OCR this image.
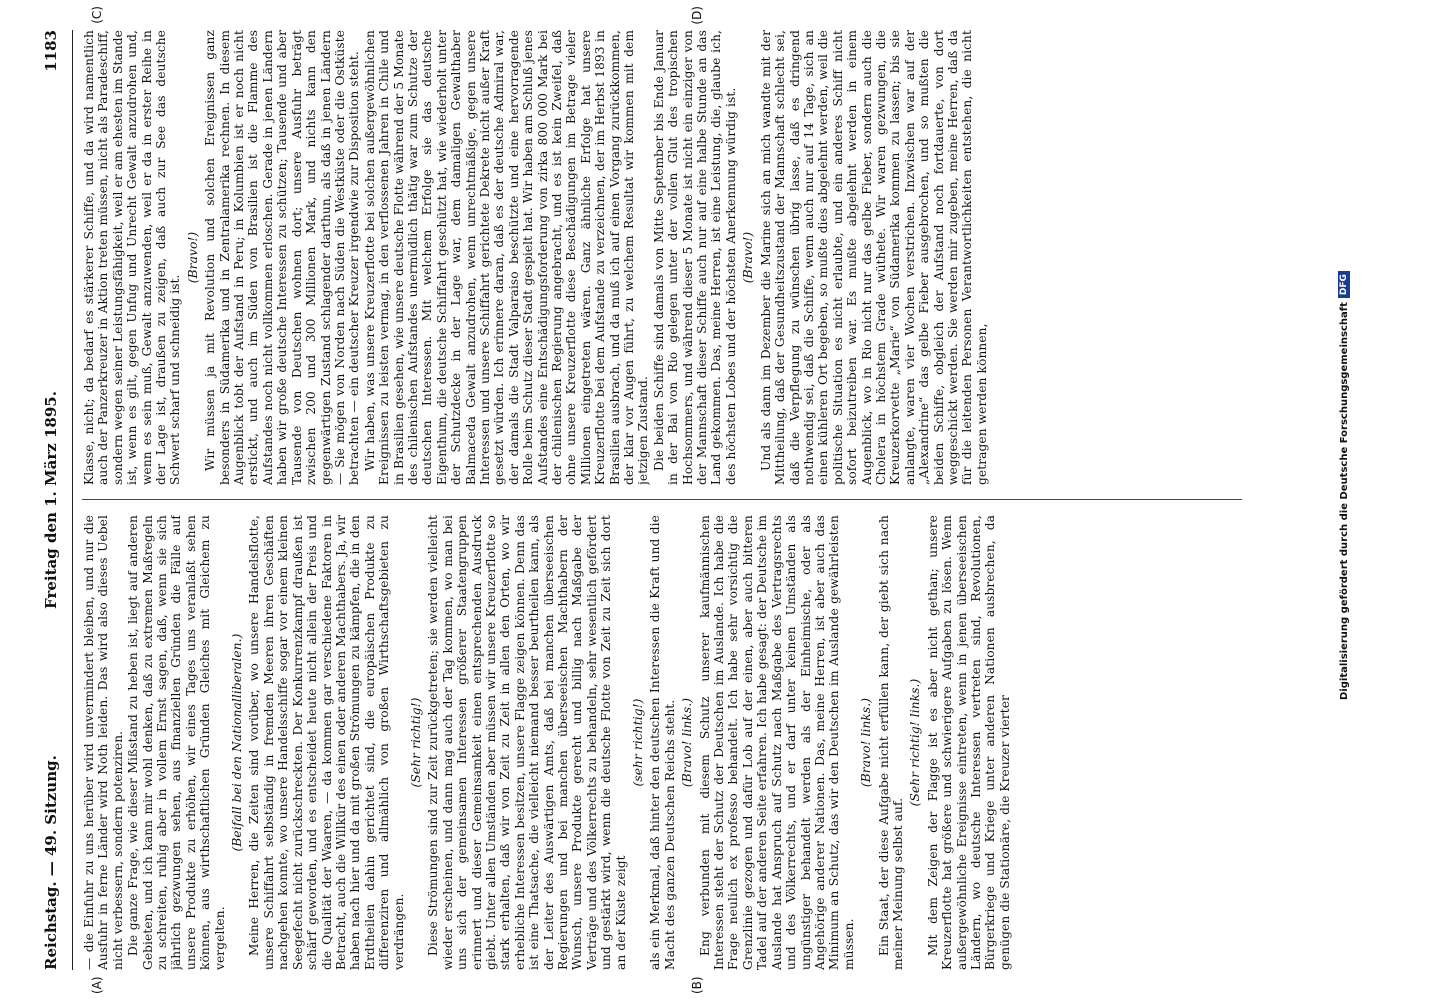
Reichstag. — 49. Sitzung.
1183
Freitag den 1. März 1895.
(A)	(B)
(C)	(D)

— die Einfuhr zu uns herüber wird unvermindert bleiben, und nur die Ausfuhr in ferne Länder wird Noth leiden. Das wird also dieses Uebel nicht verbessern, sondern potenziren. Die ganze Frage, wie dieser Mißstand zu heben ist, liegt auf anderen Gebieten, und ich kann mir wohl denken, daß zu extremen Maßregeln zu schreiten, ruhig aber in vollem Ernst sagen, daß, wenn sie sich jährlich gezwungen sehen, aus finanziellen Gründen die Fälle auf unsere Produkte zu erhöhen, wir eines Tages uns veranlaßt sehen können, aus wirthschaftlichen Gründen Gleiches mit Gleichem zu vergelten.

(Beifall bei den Nationalliberalen.) Meine Herren, die Zeiten sind vorüber, wo unsere Handelsflotte, unsere Schiffahrt selbständig in fremden Meeren ihren Geschäften nachgehen konnte, wo unsere Handelsschiffe sogar vor einem kleinen Seegefecht nicht zurückschreckten. Der Konkurrenzkampf draußen ist schärf geworden, und es entscheidet heute nicht allein der Preis und die Qualität der Waaren, — da kommen gar verschiedene Faktoren in Betracht, auch die Willkür des einen oder anderen Machthabers. Ja, wir haben nach hier und da mit großen Strömungen zu kämpfen, die in den Erdtheilen dahin gerichtet sind, die europäischen Produkte zu differenziren und allmählich von großen Wirthschaftsgebieten zu verdrängen.

(Sehr richtig!) Diese Strömungen sind zur Zeit zurückgetreten; sie werden vielleicht wieder erscheinen, und dann mag auch der Tag kommen, wo man bei uns sich der gemeinsamen Interessen größerer Staatengruppen erinnert und dieser Gemeinsamkeit einen entsprechenden Ausdruck giebt. Unter allen Umständen aber müssen wir unsere Kreuzerflotte so stark erhalten, daß wir von Zeit zu Zeit in allen den Orten, wo wir erhebliche Interessen besitzen, unsere Flagge zeigen können. Denn das ist eine Thatsache, die vielleicht niemand besser beurtheilen kann, als der Leiter des Auswärtigen Amts, daß bei manchen überseeischen Regierungen und bei manchen überseeischen Machthabern der Wunsch, unsere Produkte gerecht und billig nach Maßgabe der Verträge und des Völkerrechts zu behandeln, sehr wesentlich gefördert und gestärkt wird, wenn die deutsche Flotte von Zeit zu Zeit sich dort an der Küste zeigt

(sehr richtig!) als ein Merkmal, daß hinter den deutschen Interessen die Kraft und die Macht des ganzen Deutschen Reichs steht. (Bravo! links.) Eng verbunden mit diesem Schutz unserer kaufmännischen Interessen steht der Schutz der Deutschen im Auslande. Ich habe die Frage neulich ex professo behandelt. Ich habe sehr vorsichtig die Grenzlinie gezogen und dafür Lob auf der einen, aber auch bitteren Tadel auf der anderen Seite erfahren. Ich habe gesagt: der Deutsche im Auslande hat Anspruch auf Schutz nach Maßgabe des Vertragsrechts und des Völkerrechts, und er darf unter keinen Umständen als ungünstiger behandelt werden als der Einheimische, oder als Angehörige anderer Nationen. Das, meine Herren, ist aber auch das Minimum an Schutz, das wir den Deutschen im Auslande gewährleisten müssen.

(Bravo! links.) Ein Staat, der diese Aufgabe nicht erfüllen kann, der giebt sich nach meiner Meinung selbst auf.

(Sehr richtig! links.) Mit dem Zeigen der Flagge ist es aber nicht gethan; unsere Kreuzerflotte hat größere und schwierigere Aufgaben zu lösen. Wenn außergewöhnliche Ereignisse eintreten, wenn in jenen überseeischen Ländern, wo deutsche Interessen vertreten sind, Revolutionen, Bürgerkriege und Kriege unter anderen Nationen ausbrechen, da genügen die Stationäre, die Kreuzer vierter

Klasse, nicht; da bedarf es stärkerer Schiffe, und da wird namentlich auch der Panzerkreuzer in Aktion treten müssen, nicht als Paradeschiff, sondern wegen seiner Leistungsfähigkeit, weil er am ehesten im Stande ist, wenn es gilt, gegen Unfug und Unrecht Gewalt anzudrohen und, wenn es sein muß, Gewalt anzuwenden, weil er da in erster Reihe in der Lage ist, draußen zu zeigen, daß auch zur See das deutsche Schwert scharf und schneidig ist.

(Bravo!) Wir müssen ja mit Revolution und solchen Ereignissen ganz besonders in Südamerika und in Zentralamerika rechnen. In diesem Augenblick tobt der Aufstand in Peru; in Kolumbien ist er noch nicht erstickt, und auch im Süden von Brasilien ist die Flamme des Aufstandes noch nicht vollkommen erloschen. Gerade in jenen Ländern haben wir große deutsche Interessen zu schützen; Tausende und aber Tausende von Deutschen wohnen dort; unsere Ausfuhr beträgt zwischen 200 und 300 Millionen Mark, und nichts kann den gegenwärtigen Zustand schlagender darthun, als daß in jenen Ländern — Sie mögen von Norden nach Süden die Westküste oder die Ostküste betrachten — ein deutscher Kreuzer irgendwie zur Disposition steht. Wir haben, was unsere Kreuzerflotte bei solchen außergewöhnlichen Ereignissen zu leisten vermag, in den verflossenen Jahren in Chile und in Brasilien gesehen, wie unsere deutsche Flotte während der 5 Monate des chilenischen Aufstandes unermüdlich thätig war zum Schutze der deutschen Interessen. Mit welchem Erfolge sie das deutsche Eigenthum, die deutsche Schiffahrt geschützt hat, wie wiederholt unter der Schutzdecke in der Lage war, dem damaligen Gewalthaber Balmaceda Gewalt anzudrohen, wenn unrechtmäßige, gegen unsere Interessen und unsere Schiffahrt gerichtete Dekrete nicht außer Kraft gesetzt würden. Ich erinnere daran, daß es der deutsche Admiral war, der damals die Stadt Valparaiso beschützte und eine hervorragende Rolle beim Schutz dieser Stadt gespielt hat. Wir haben am Schluß jenes Aufstandes eine Entschädigungsforderung von zirka 800 000 Mark bei der chilenischen Regierung angebracht, und es ist kein Zweifel, daß ohne unsere Kreuzerflotte diese Beschädigungen im Betrage vieler Millionen eingetreten wären. Ganz ähnliche Erfolge hat unsere Kreuzerflotte bei dem Aufstande zu verzeichnen, der im Herbst 1893 in Brasilien ausbrach, und da muß ich auf einen Vorgang zurückkommen, der klar vor Augen führt, zu welchem Resultat wir kommen mit dem jetzigen Zustand. Die beiden Schiffe sind damals von Mitte September bis Ende Januar in der Bai von Rio gelegen unter der vollen Glut des tropischen Hochsommers, und während dieser 5 Monate ist nicht ein einziger von der Mannschaft dieser Schiffe auch nur auf eine halbe Stunde an das Land gekommen. Das, meine Herren, ist eine Leistung, die, glaube ich, des höchsten Lobes und der höchsten Anerkennung würdig ist. (Bravo!) Und als dann im Dezember die Marine sich an mich wandte mit der Mittheilung, daß der Gesundheitszustand der Mannschaft schlecht sei, daß die Verpflegung zu wünschen übrig lasse, daß es dringend nothwendig sei, daß die Schiffe, wenn auch nur auf 14 Tage, sich an einen kühleren Ort begeben, so mußte dies abgelehnt werden, weil die politische Situation es nicht erlaubte, und ein anderes Schiff nicht sofort beizutreiben war. Es mußte abgelehnt werden in einem Augenblick, wo in Rio nicht nur das gelbe Fieber, sondern auch die Cholera in höchstem Grade wüthete. Wir waren gezwungen, die Kreuzerkorvette „Marie“ von Südamerika kommen zu lassen; bis sie anlangte, waren vier Wochen verstrichen. Inzwischen war auf der „Alexandrine“ das gelbe Fieber ausgebrochen, und so mußten die beiden Schiffe, obgleich der Aufstand noch fortdauerte, von dort weggeschickt werden. Sie werden mir zugeben, meine Herren, daß da für die leitenden Personen Verantwortlichkeiten entstehen, die nicht getragen werden können,	Digitalisierung gefördert durch die Deutsche Forschungsgemeinschaft
DFG
